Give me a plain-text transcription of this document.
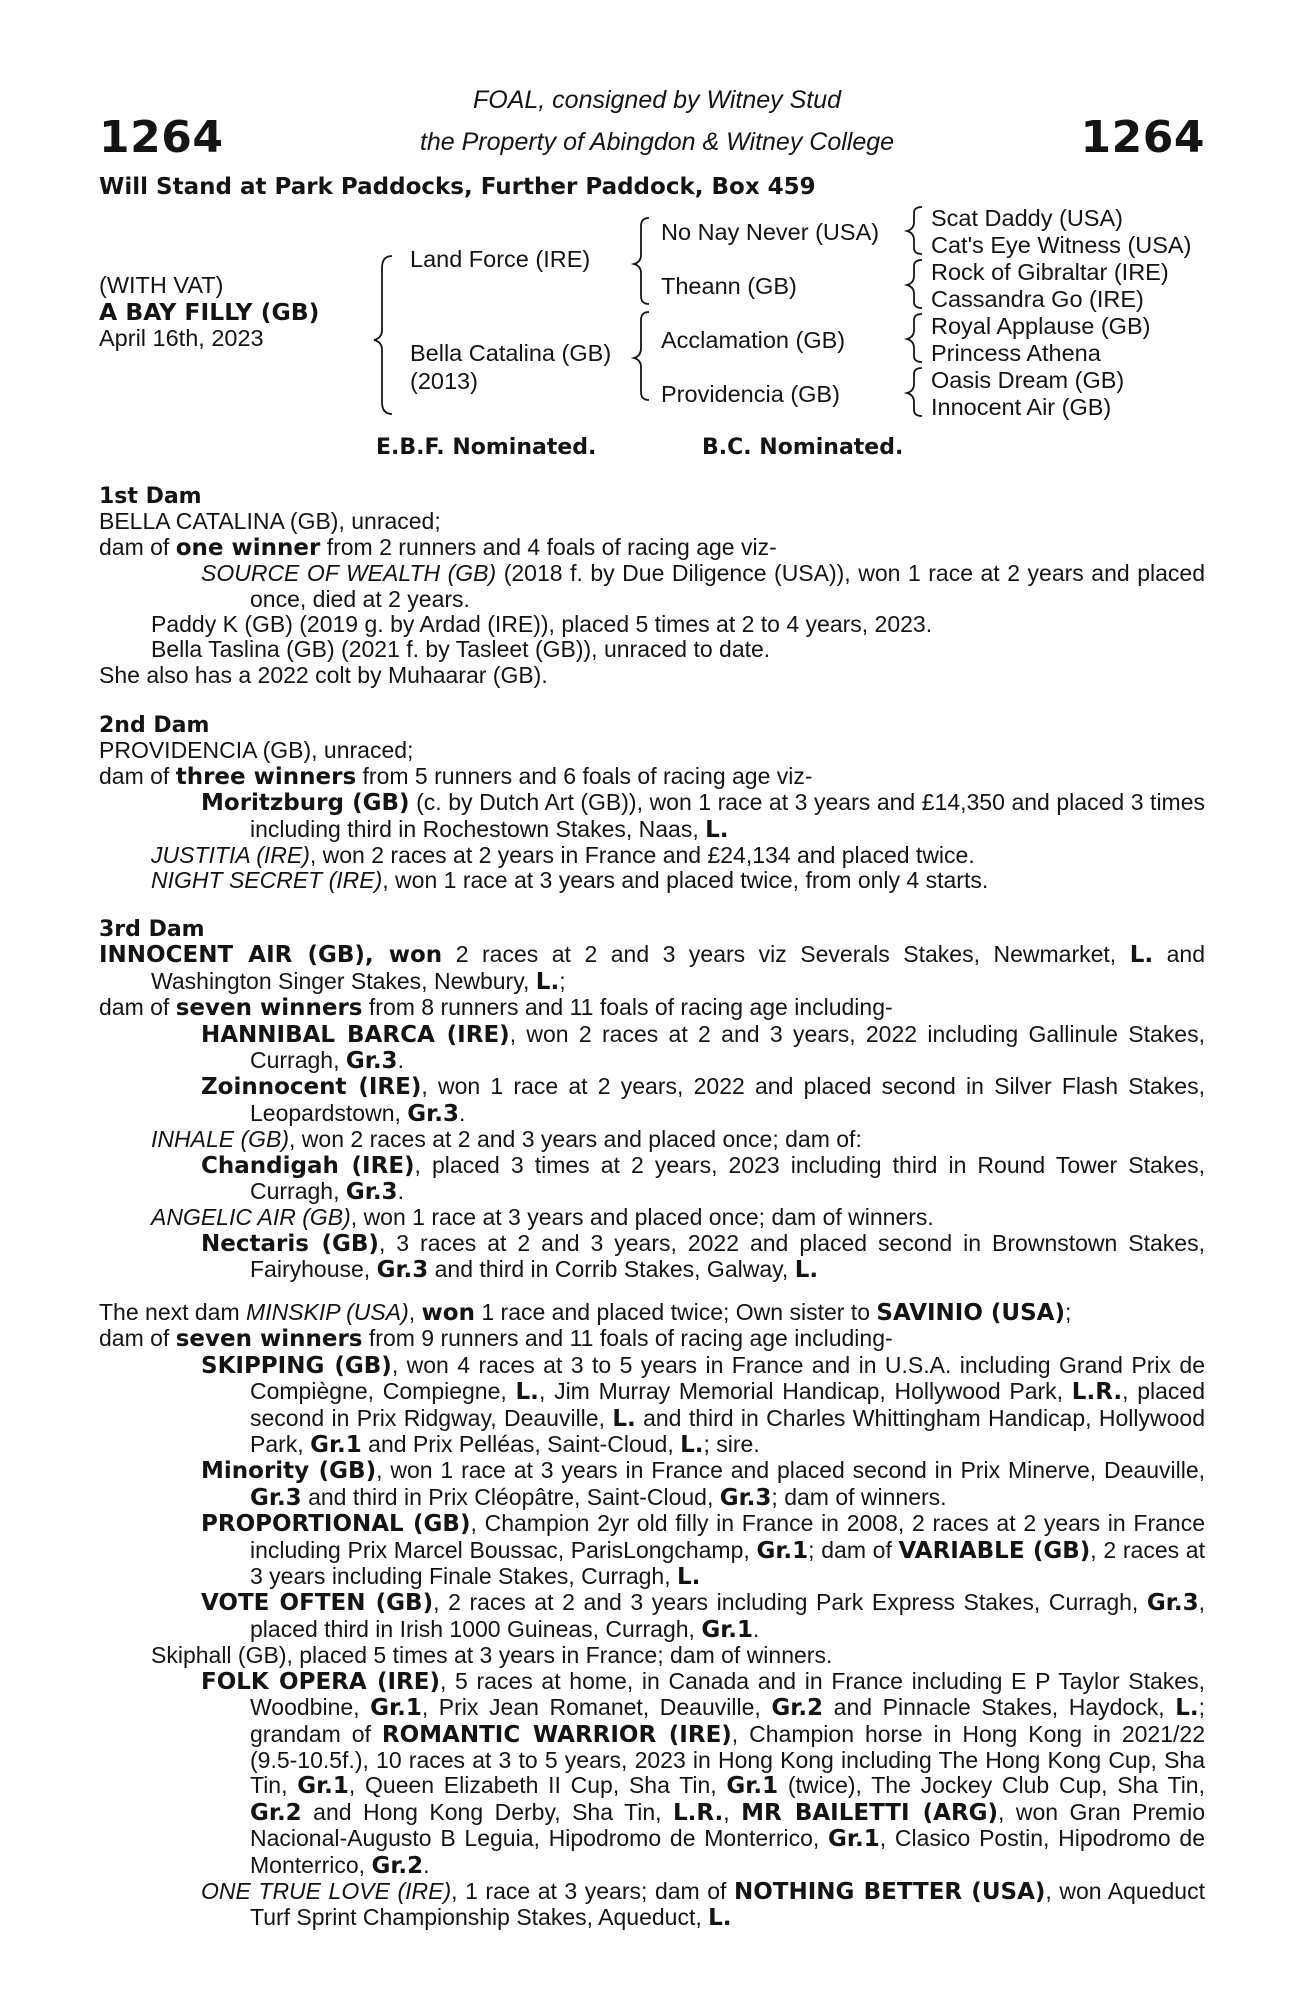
1264	1264
FOAL, consigned by Witney Stud
the Property of Abingdon & Witney College
Will Stand at Park Paddocks, Further Paddock, Box 459
(WITH VAT)
A BAY FILLY (GB)
April 16th, 2023
Land Force (IRE)
Bella Catalina (GB)
(2013)
No Nay Never (USA)
Theann (GB)
Acclamation (GB)
Providencia (GB)
Scat Daddy (USA)
Cat's Eye Witness (USA)
Rock of Gibraltar (IRE)
Cassandra Go (IRE)
Royal Applause (GB)
Princess Athena
Oasis Dream (GB)
Innocent Air (GB)
E.B.F. Nominated.	B.C. Nominated.

1st Dam

BELLA CATALINA (GB), unraced;

dam of one winner from 2 runners and 4 foals of racing age viz-

SOURCE OF WEALTH (GB) (2018 f. by Due Diligence (USA)), won 1 race at 2 years and placed once, died at 2 years.

Paddy K (GB) (2019 g. by Ardad (IRE)), placed 5 times at 2 to 4 years, 2023.

Bella Taslina (GB) (2021 f. by Tasleet (GB)), unraced to date.

She also has a 2022 colt by Muhaarar (GB).

2nd Dam

PROVIDENCIA (GB), unraced;

dam of three winners from 5 runners and 6 foals of racing age viz-

Moritzburg (GB) (c. by Dutch Art (GB)), won 1 race at 3 years and £14,350 and placed 3 times including third in Rochestown Stakes, Naas, L.

JUSTITIA (IRE), won 2 races at 2 years in France and £24,134 and placed twice.

NIGHT SECRET (IRE), won 1 race at 3 years and placed twice, from only 4 starts.

3rd Dam

INNOCENT AIR (GB), won 2 races at 2 and 3 years viz Severals Stakes, Newmarket, L. and Washington Singer Stakes, Newbury, L.;

dam of seven winners from 8 runners and 11 foals of racing age including-

HANNIBAL BARCA (IRE), won 2 races at 2 and 3 years, 2022 including Gallinule Stakes, Curragh, Gr.3.

Zoinnocent (IRE), won 1 race at 2 years, 2022 and placed second in Silver Flash Stakes, Leopardstown, Gr.3.

INHALE (GB), won 2 races at 2 and 3 years and placed once; dam of:

Chandigah (IRE), placed 3 times at 2 years, 2023 including third in Round Tower Stakes, Curragh, Gr.3.

ANGELIC AIR (GB), won 1 race at 3 years and placed once; dam of winners.

Nectaris (GB), 3 races at 2 and 3 years, 2022 and placed second in Brownstown Stakes, Fairyhouse, Gr.3 and third in Corrib Stakes, Galway, L.

The next dam MINSKIP (USA), won 1 race and placed twice; Own sister to SAVINIO (USA);

dam of seven winners from 9 runners and 11 foals of racing age including-

SKIPPING (GB), won 4 races at 3 to 5 years in France and in U.S.A. including Grand Prix de Compiègne, Compiegne, L., Jim Murray Memorial Handicap, Hollywood Park, L.R., placed second in Prix Ridgway, Deauville, L. and third in Charles Whittingham Handicap, Hollywood Park, Gr.1 and Prix Pelléas, Saint-Cloud, L.; sire.

Minority (GB), won 1 race at 3 years in France and placed second in Prix Minerve, Deauville, Gr.3 and third in Prix Cléopâtre, Saint-Cloud, Gr.3; dam of winners.

PROPORTIONAL (GB), Champion 2yr old filly in France in 2008, 2 races at 2 years in France including Prix Marcel Boussac, ParisLongchamp, Gr.1; dam of VARIABLE (GB), 2 races at 3 years including Finale Stakes, Curragh, L.

VOTE OFTEN (GB), 2 races at 2 and 3 years including Park Express Stakes, Curragh, Gr.3, placed third in Irish 1000 Guineas, Curragh, Gr.1.

Skiphall (GB), placed 5 times at 3 years in France; dam of winners.

FOLK OPERA (IRE), 5 races at home, in Canada and in France including E P Taylor Stakes, Woodbine, Gr.1, Prix Jean Romanet, Deauville, Gr.2 and Pinnacle Stakes, Haydock, L.; grandam of ROMANTIC WARRIOR (IRE), Champion horse in Hong Kong in 2021/22 (9.5-10.5f.), 10 races at 3 to 5 years, 2023 in Hong Kong including The Hong Kong Cup, Sha Tin, Gr.1, Queen Elizabeth II Cup, Sha Tin, Gr.1 (twice), The Jockey Club Cup, Sha Tin, Gr.2 and Hong Kong Derby, Sha Tin, L.R., MR BAILETTI (ARG), won Gran Premio Nacional-Augusto B Leguia, Hipodromo de Monterrico, Gr.1, Clasico Postin, Hipodromo de Monterrico, Gr.2.

ONE TRUE LOVE (IRE), 1 race at 3 years; dam of NOTHING BETTER (USA), won Aqueduct Turf Sprint Championship Stakes, Aqueduct, L.
